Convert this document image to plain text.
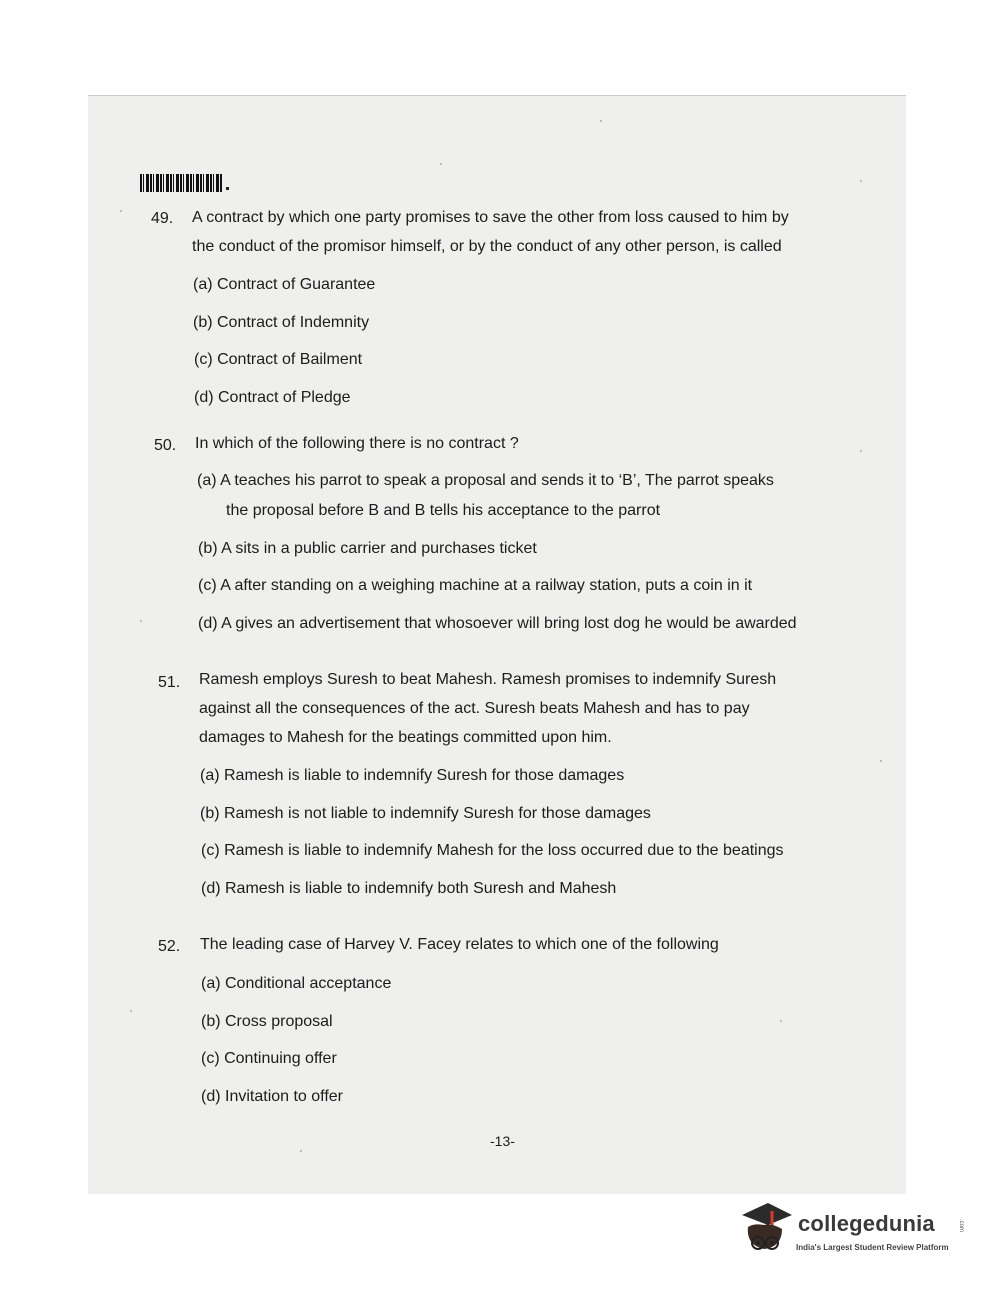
49. A contract by which one party promises to save the other from loss caused to him by
the conduct of the promisor himself, or by the conduct of any other person, is called
(a) Contract of Guarantee
(b) Contract of Indemnity
(c) Contract of Bailment
(d) Contract of Pledge
50. In which of the following there is no contract ?
(a) A teaches his parrot to speak a proposal and sends it to ‘B’, The parrot speaks
the proposal before B and B tells his acceptance to the parrot
(b) A sits in a public carrier and purchases ticket
(c) A after standing on a weighing machine at a railway station, puts a coin in it
(d) A gives an advertisement that whosoever will bring lost dog he would be awarded
51. Ramesh employs Suresh to beat Mahesh. Ramesh promises to indemnify Suresh
against all the consequences of the act. Suresh beats Mahesh and has to pay
damages to Mahesh for the beatings committed upon him.
(a) Ramesh is liable to indemnify Suresh for those damages
(b) Ramesh is not liable to indemnify Suresh for those damages
(c) Ramesh is liable to indemnify Mahesh for the loss occurred due to the beatings
(d) Ramesh is liable to indemnify both Suresh and Mahesh
52. The leading case of Harvey V. Facey relates to which one of the following
(a) Conditional acceptance
(b) Cross proposal
(c) Continuing offer
(d) Invitation to offer
-13-
collegedunia	.com
India's Largest Student Review Platform
